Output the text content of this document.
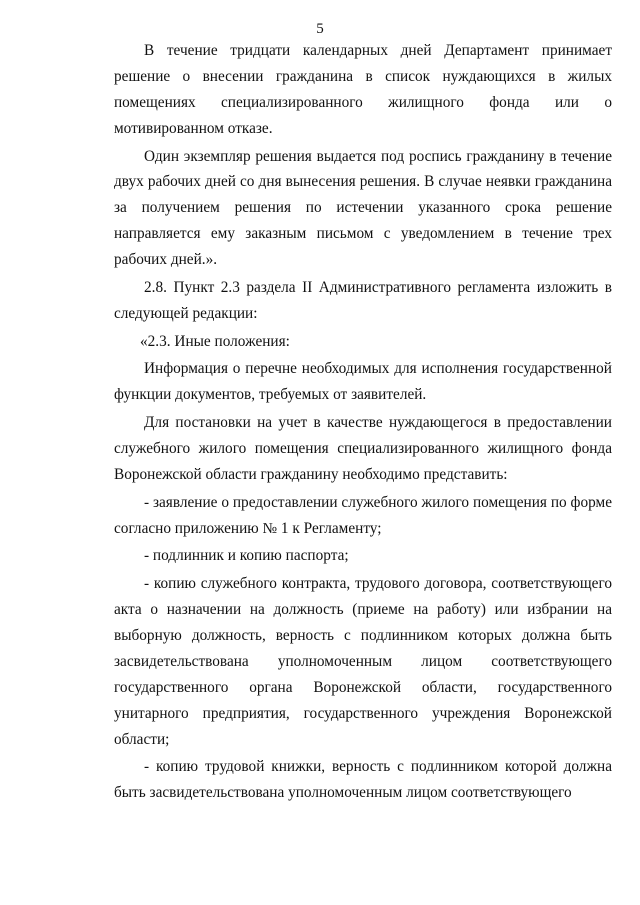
5

В течение тридцати календарных дней Департамент принимает решение о внесении гражданина в список нуждающихся в жилых помещениях специализированного жилищного фонда или о мотивированном отказе.

Один экземпляр решения выдается под роспись гражданину в течение двух рабочих дней со дня вынесения решения. В случае неявки гражданина за получением решения по истечении указанного срока решение направляется ему заказным письмом с уведомлением в течение трех рабочих дней.».

2.8. Пункт 2.3 раздела II Административного регламента изложить в следующей редакции:

«2.3. Иные положения:

Информация о перечне необходимых для исполнения государственной функции документов, требуемых от заявителей.

Для постановки на учет в качестве нуждающегося в предоставлении служебного жилого помещения специализированного жилищного фонда Воронежской области гражданину необходимо представить:

- заявление о предоставлении служебного жилого помещения по форме согласно приложению № 1 к Регламенту;

- подлинник и копию паспорта;

- копию служебного контракта, трудового договора, соответствующего акта о назначении на должность (приеме на работу) или избрании на выборную должность, верность с подлинником которых должна быть засвидетельствована уполномоченным лицом соответствующего государственного органа Воронежской области, государственного унитарного предприятия, государственного учреждения Воронежской области;

- копию трудовой книжки, верность с подлинником которой должна быть засвидетельствована уполномоченным лицом соответствующего
